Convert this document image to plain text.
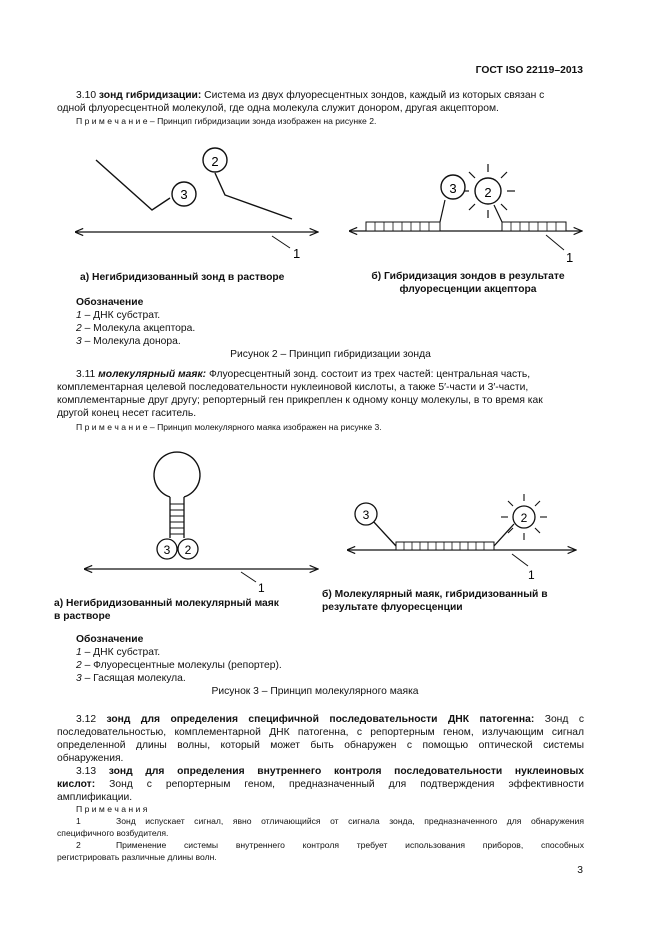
ГОСТ ISO 22119–2013
3.10 зонд гибридизации: Система из двух флуоресцентных зондов, каждый из которых связан с
одной флуоресцентной молекулой, где одна молекула служит донором, другая акцептором.
П р и м е ч а н и е – Принцип гибридизации зонда изображен на рисунке 2.
3
2
1
2
3
1
а) Негибридизованный зонд в растворе	б) Гибридизация зондов в результате
флуоресценции акцептора
Обозначение
1 – ДНК субстрат.
2 – Молекула акцептора.
3 – Молекула донора.
Рисунок 2 – Принцип гибридизации зонда
3.11 молекулярный маяк: Флуоресцентный зонд. состоит из трех частей: центральная часть,
комплементарная целевой последовательности нуклеиновой кислоты, а также 5′-части и 3′-части,
комплементарные друг другу; репортерный ген прикреплен к одному концу молекулы, в то время как
другой конец несет гаситель.
П р и м е ч а н и е – Принцип молекулярного маяка изображен на рисунке 3.
3 2
1
3	2
1
а) Негибридизованный молекулярный маяк
в растворе
б) Молекулярный маяк, гибридизованный в
результате флуоресценции
Обозначение
1 – ДНК субстрат.
2 – Флуоресцентные молекулы (репортер).
3 – Гасящая молекула.
Рисунок 3 – Принцип молекулярного маяка
3.12 зонд для определения специфичной последовательности ДНК патогенна: Зонд с
последовательностью, комплементарной ДНК патогенна, с репортерным геном, излучающим сигнал
определенной длины волны, который может быть обнаружен с помощью оптической системы
обнаружения.
3.13 зонд для определения внутреннего контроля последовательности нуклеиновых
кислот: Зонд с репортерным геном, предназначенный для подтверждения эффективности
амплификации.
П р и м е ч а н и я
1	Зонд испускает сигнал, явно отличающийся от сигнала зонда, предназначенного для обнаружения
специфичного возбудителя.
2	Применение системы внутреннего контроля требует использования приборов, способных
регистрировать различные длины волн.
3
